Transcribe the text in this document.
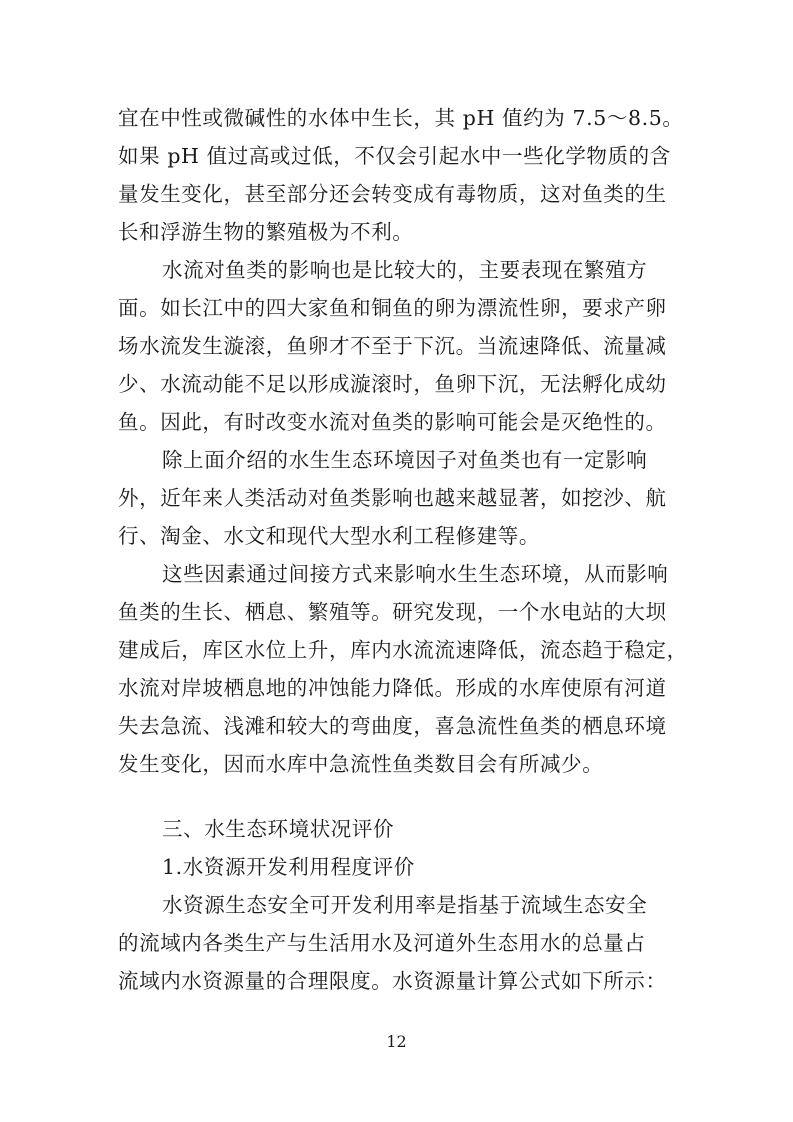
宜在中性或微碱性的水体中生长，其 pH 值约为 7.5～8.5。
如果 pH 值过高或过低，不仅会引起水中一些化学物质的含
量发生变化，甚至部分还会转变成有毒物质，这对鱼类的生
长和浮游生物的繁殖极为不利。
水流对鱼类的影响也是比较大的，主要表现在繁殖方
面。如长江中的四大家鱼和铜鱼的卵为漂流性卵，要求产卵
场水流发生漩滚，鱼卵才不至于下沉。当流速降低、流量减
少、水流动能不足以形成漩滚时，鱼卵下沉，无法孵化成幼
鱼。因此，有时改变水流对鱼类的影响可能会是灭绝性的。
除上面介绍的水生生态环境因子对鱼类也有一定影响
外，近年来人类活动对鱼类影响也越来越显著，如挖沙、航
行、淘金、水文和现代大型水利工程修建等。
这些因素通过间接方式来影响水生生态环境，从而影响
鱼类的生长、栖息、繁殖等。研究发现，一个水电站的大坝
建成后，库区水位上升，库内水流流速降低，流态趋于稳定，
水流对岸坡栖息地的冲蚀能力降低。形成的水库使原有河道
失去急流、浅滩和较大的弯曲度，喜急流性鱼类的栖息环境
发生变化，因而水库中急流性鱼类数目会有所减少。
三、水生态环境状况评价
1.水资源开发利用程度评价
水资源生态安全可开发利用率是指基于流域生态安全
的流域内各类生产与生活用水及河道外生态用水的总量占
流域内水资源量的合理限度。水资源量计算公式如下所示：
12
